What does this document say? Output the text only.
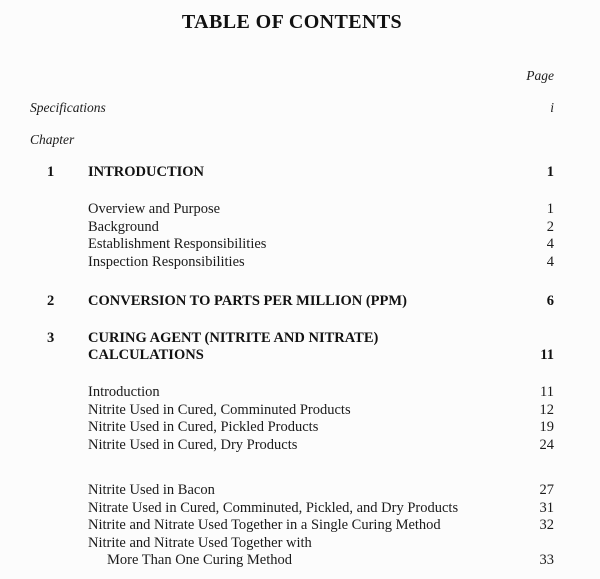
TABLE OF CONTENTS
Page
Specifications	i
Chapter
1	INTRODUCTION	1
Overview and Purpose	1
Background	2
Establishment Responsibilities	4
Inspection Responsibilities	4
2	CONVERSION TO PARTS PER MILLION (PPM)	6
3	CURING AGENT (NITRITE AND NITRATE)
CALCULATIONS	11
Introduction	11
Nitrite Used in Cured, Comminuted Products	12
Nitrite Used in Cured, Pickled Products	19
Nitrite Used in Cured, Dry Products	24
Nitrite Used in Bacon	27
Nitrate Used in Cured, Comminuted, Pickled, and Dry Products	31
Nitrite and Nitrate Used Together in a Single Curing Method	32
Nitrite and Nitrate Used Together with
More Than One Curing Method	33
